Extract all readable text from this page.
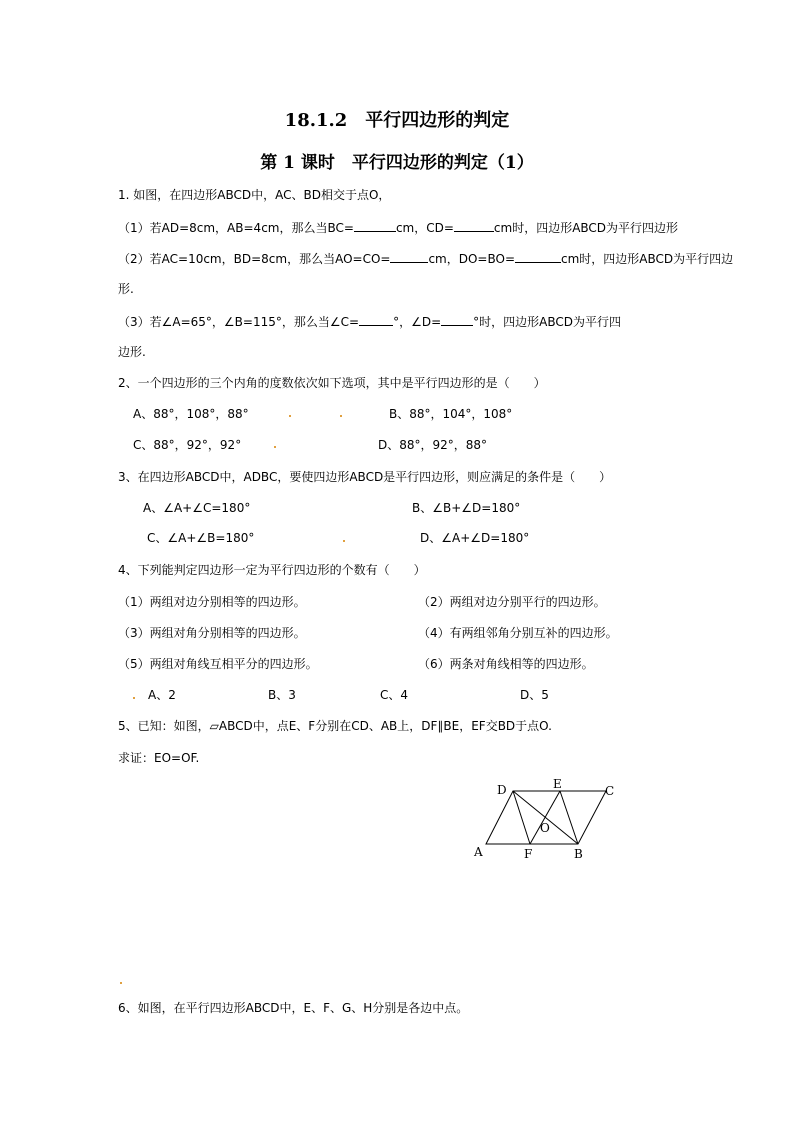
18.1.2　平行四边形的判定
第 1 课时　平行四边形的判定（1）
1. 如图，在四边形ABCD中，AC、BD相交于点O，
（1）若AD=8cm，AB=4cm，那么当BC=	cm，CD=	cm时，四边形ABCD为平行四边形
（2）若AC=10cm，BD=8cm，那么当AO=CO=	cm，DO=BO=	cm时，四边形ABCD为平行四边
形.
（3）若∠A=65°，∠B=115°，那么当∠C=	°，∠D=	°时，四边形ABCD为平行四
边形.
2、一个四边形的三个内角的度数依次如下选项，其中是平行四边形的是（　　）
A、88°，108°，88°	B、88°，104°，108°
C、88°，92°，92°	D、88°，92°，88°
3、在四边形ABCD中，ADBC，要使四边形ABCD是平行四边形，则应满足的条件是（　　）
A、∠A+∠C=180°	B、∠B+∠D=180°
C、∠A+∠B=180°	D、∠A+∠D=180°
4、下列能判定四边形一定为平行四边形的个数有（　　）
（1）两组对边分别相等的四边形。	（2）两组对边分别平行的四边形。
（3）两组对角分别相等的四边形。	（4）有两组邻角分别互补的四边形。
（5）两组对角线互相平分的四边形。	（6）两条对角线相等的四边形。
A、2	B、3	C、4	D、5
5、已知：如图，▱ABCD中，点E、F分别在CD、AB上，DF∥BE，EF交BD于点O.
求证：EO=OF.
D	E	C
O
A	F	B
6、如图，在平行四边形ABCD中，E、F、G、H分别是各边中点。
